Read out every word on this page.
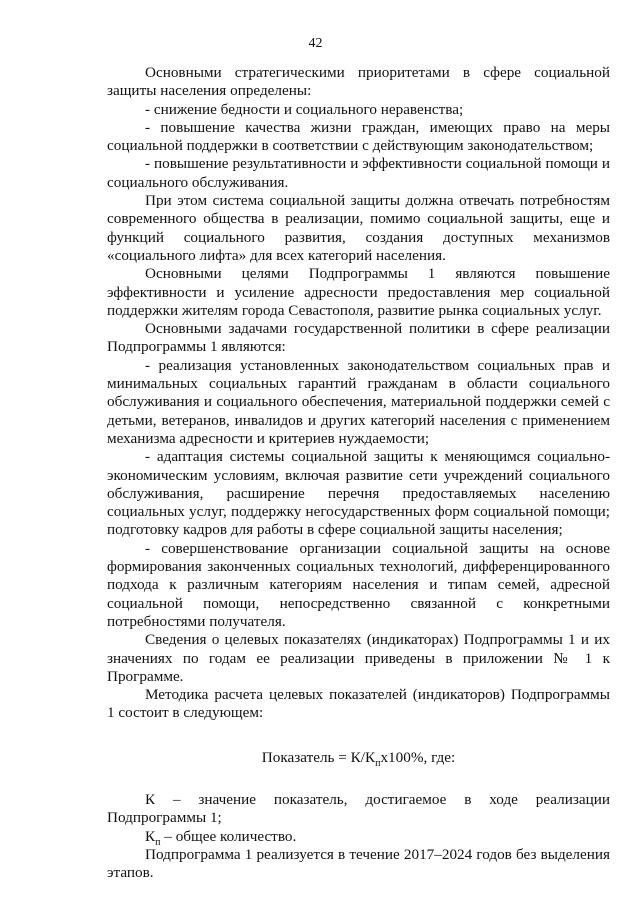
42

Основными стратегическими приоритетами в сфере социальной защиты населения определены:

- снижение бедности и социального неравенства;

- повышение качества жизни граждан, имеющих право на меры социальной поддержки в соответствии с действующим законодательством;

- повышение результативности и эффективности социальной помощи и социального обслуживания.

При этом система социальной защиты должна отвечать потребностям современного общества в реализации, помимо социальной защиты, еще и функций социального развития, создания доступных механизмов «социального лифта» для всех категорий населения.

Основными целями Подпрограммы 1 являются повышение эффективности и усиление адресности предоставления мер социальной поддержки жителям города Севастополя, развитие рынка социальных услуг.

Основными задачами государственной политики в сфере реализации Подпрограммы 1 являются:

- реализация установленных законодательством социальных прав и минимальных социальных гарантий гражданам в области социального обслуживания и социального обеспечения, материальной поддержки семей с детьми, ветеранов, инвалидов и других категорий населения с применением механизма адресности и критериев нуждаемости;

- адаптация системы социальной защиты к меняющимся социально-экономическим условиям, включая развитие сети учреждений социального обслуживания, расширение перечня предоставляемых населению социальных услуг, поддержку негосударственных форм социальной помощи; подготовку кадров для работы в сфере социальной защиты населения;

- совершенствование организации социальной защиты на основе формирования законченных социальных технологий, дифференцированного подхода к различным категориям населения и типам семей, адресной социальной помощи, непосредственно связанной с конкретными потребностями получателя.

Сведения о целевых показателях (индикаторах) Подпрограммы 1 и их значениях по годам ее реализации приведены в приложении № 1 к Программе.

Методика расчета целевых показателей (индикаторов) Подпрограммы 1 состоит в следующем:

Показатель = $К/К_пх100\%$, где:

К – значение показатель, достигаемое в ходе реализации Подпрограммы 1;

$К_п$ – общее количество.

Подпрограмма 1 реализуется в течение 2017–2024 годов без выделения этапов.
